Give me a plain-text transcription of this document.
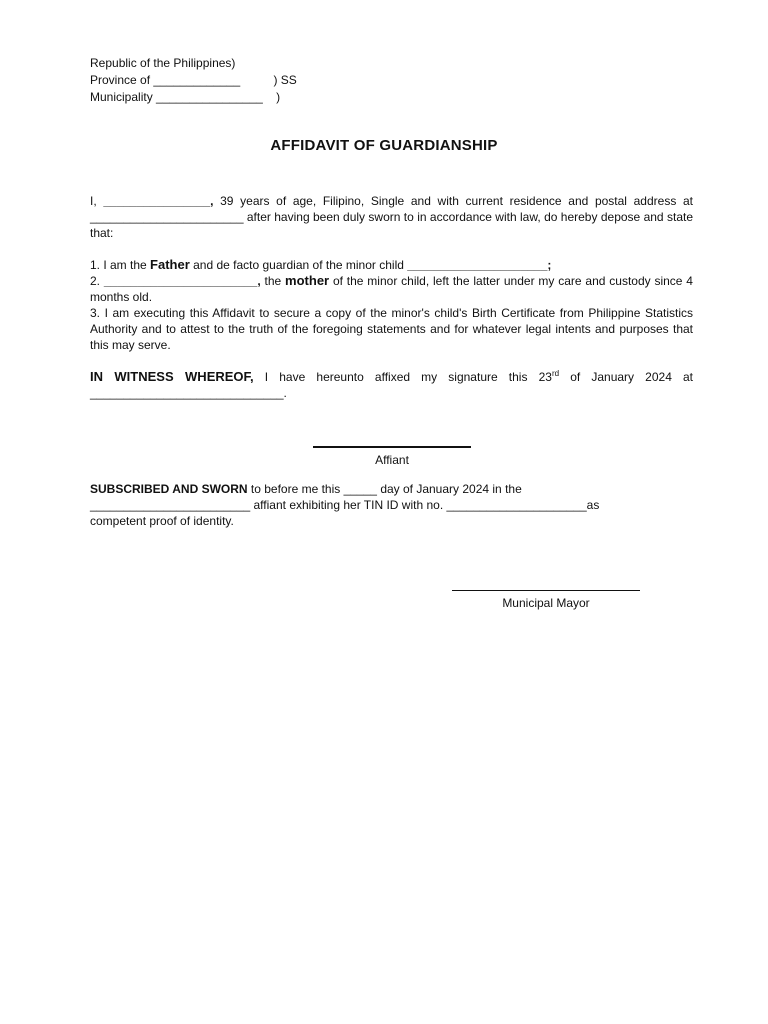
Republic of the Philippines)
Province of _____________          ) SS
Municipality ________________    )
AFFIDAVIT OF GUARDIANSHIP

I, ________________, 39 years of age, Filipino, Single and with current residence and postal address at _______________________ after having been duly sworn to in accordance with law, do hereby depose and state that:

1. I am the Father and de facto guardian of the minor child _____________________;

2. _______________________, the mother of the minor child, left the latter under my care and custody since 4 months old.

3. I am executing this Affidavit to secure a copy of the minor's child's Birth Certificate from Philippine Statistics Authority and to attest to the truth of the foregoing statements and for whatever legal intents and purposes that this may serve.

IN WITNESS WHEREOF, I have hereunto affixed my signature this 23rd of January 2024 at _____________________________.

Affiant
SUBSCRIBED AND SWORN to before me this _____ day of January 2024 in the
________________________ affiant exhibiting her TIN ID with no. _____________________as
competent proof of identity.
Municipal Mayor
